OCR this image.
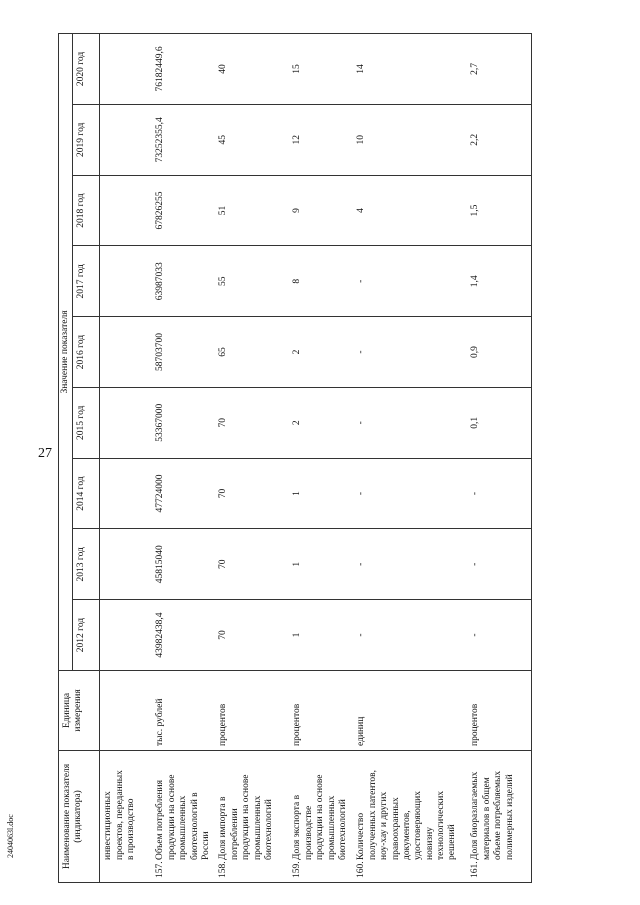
27
2404063l.doc	Наименование показателя (индикатора)	Единица измерения	Значение показателя								
		2012 год	2013 год	2014 год	2015 год	2016 год	2017 год	2018 год	2019 год	2020 год
инвестиционных проектов, переданных в производство										
157.Объем потребления продукции на основе промышленных биотехнологий в России	тыс. рублей	43982438,4	45815040	47724000	53367000	58703700	63987033	67826255	73252355,4	76182449,6
158.Доля импорта в потреблении продукции на основе промышленных биотехнологий	процентов	70	70	70	70	65	55	51	45	40
159.Доля экспорта в производстве продукции на основе промышленных биотехнологий	процентов	1	1	1	2	2	8	9	12	15
160.Количество полученных патентов, ноу-хау и других правоохранных документов, удостоверяющих новизну технологических решений	единиц	-	-	-	-	-	-	4	10	14
161.Доля биоразлагаемых материалов в общем объеме потребляемых полимерных изделий	процентов	-	-	-	0,1	0,9	1,4	1,5	2,2	2,7
